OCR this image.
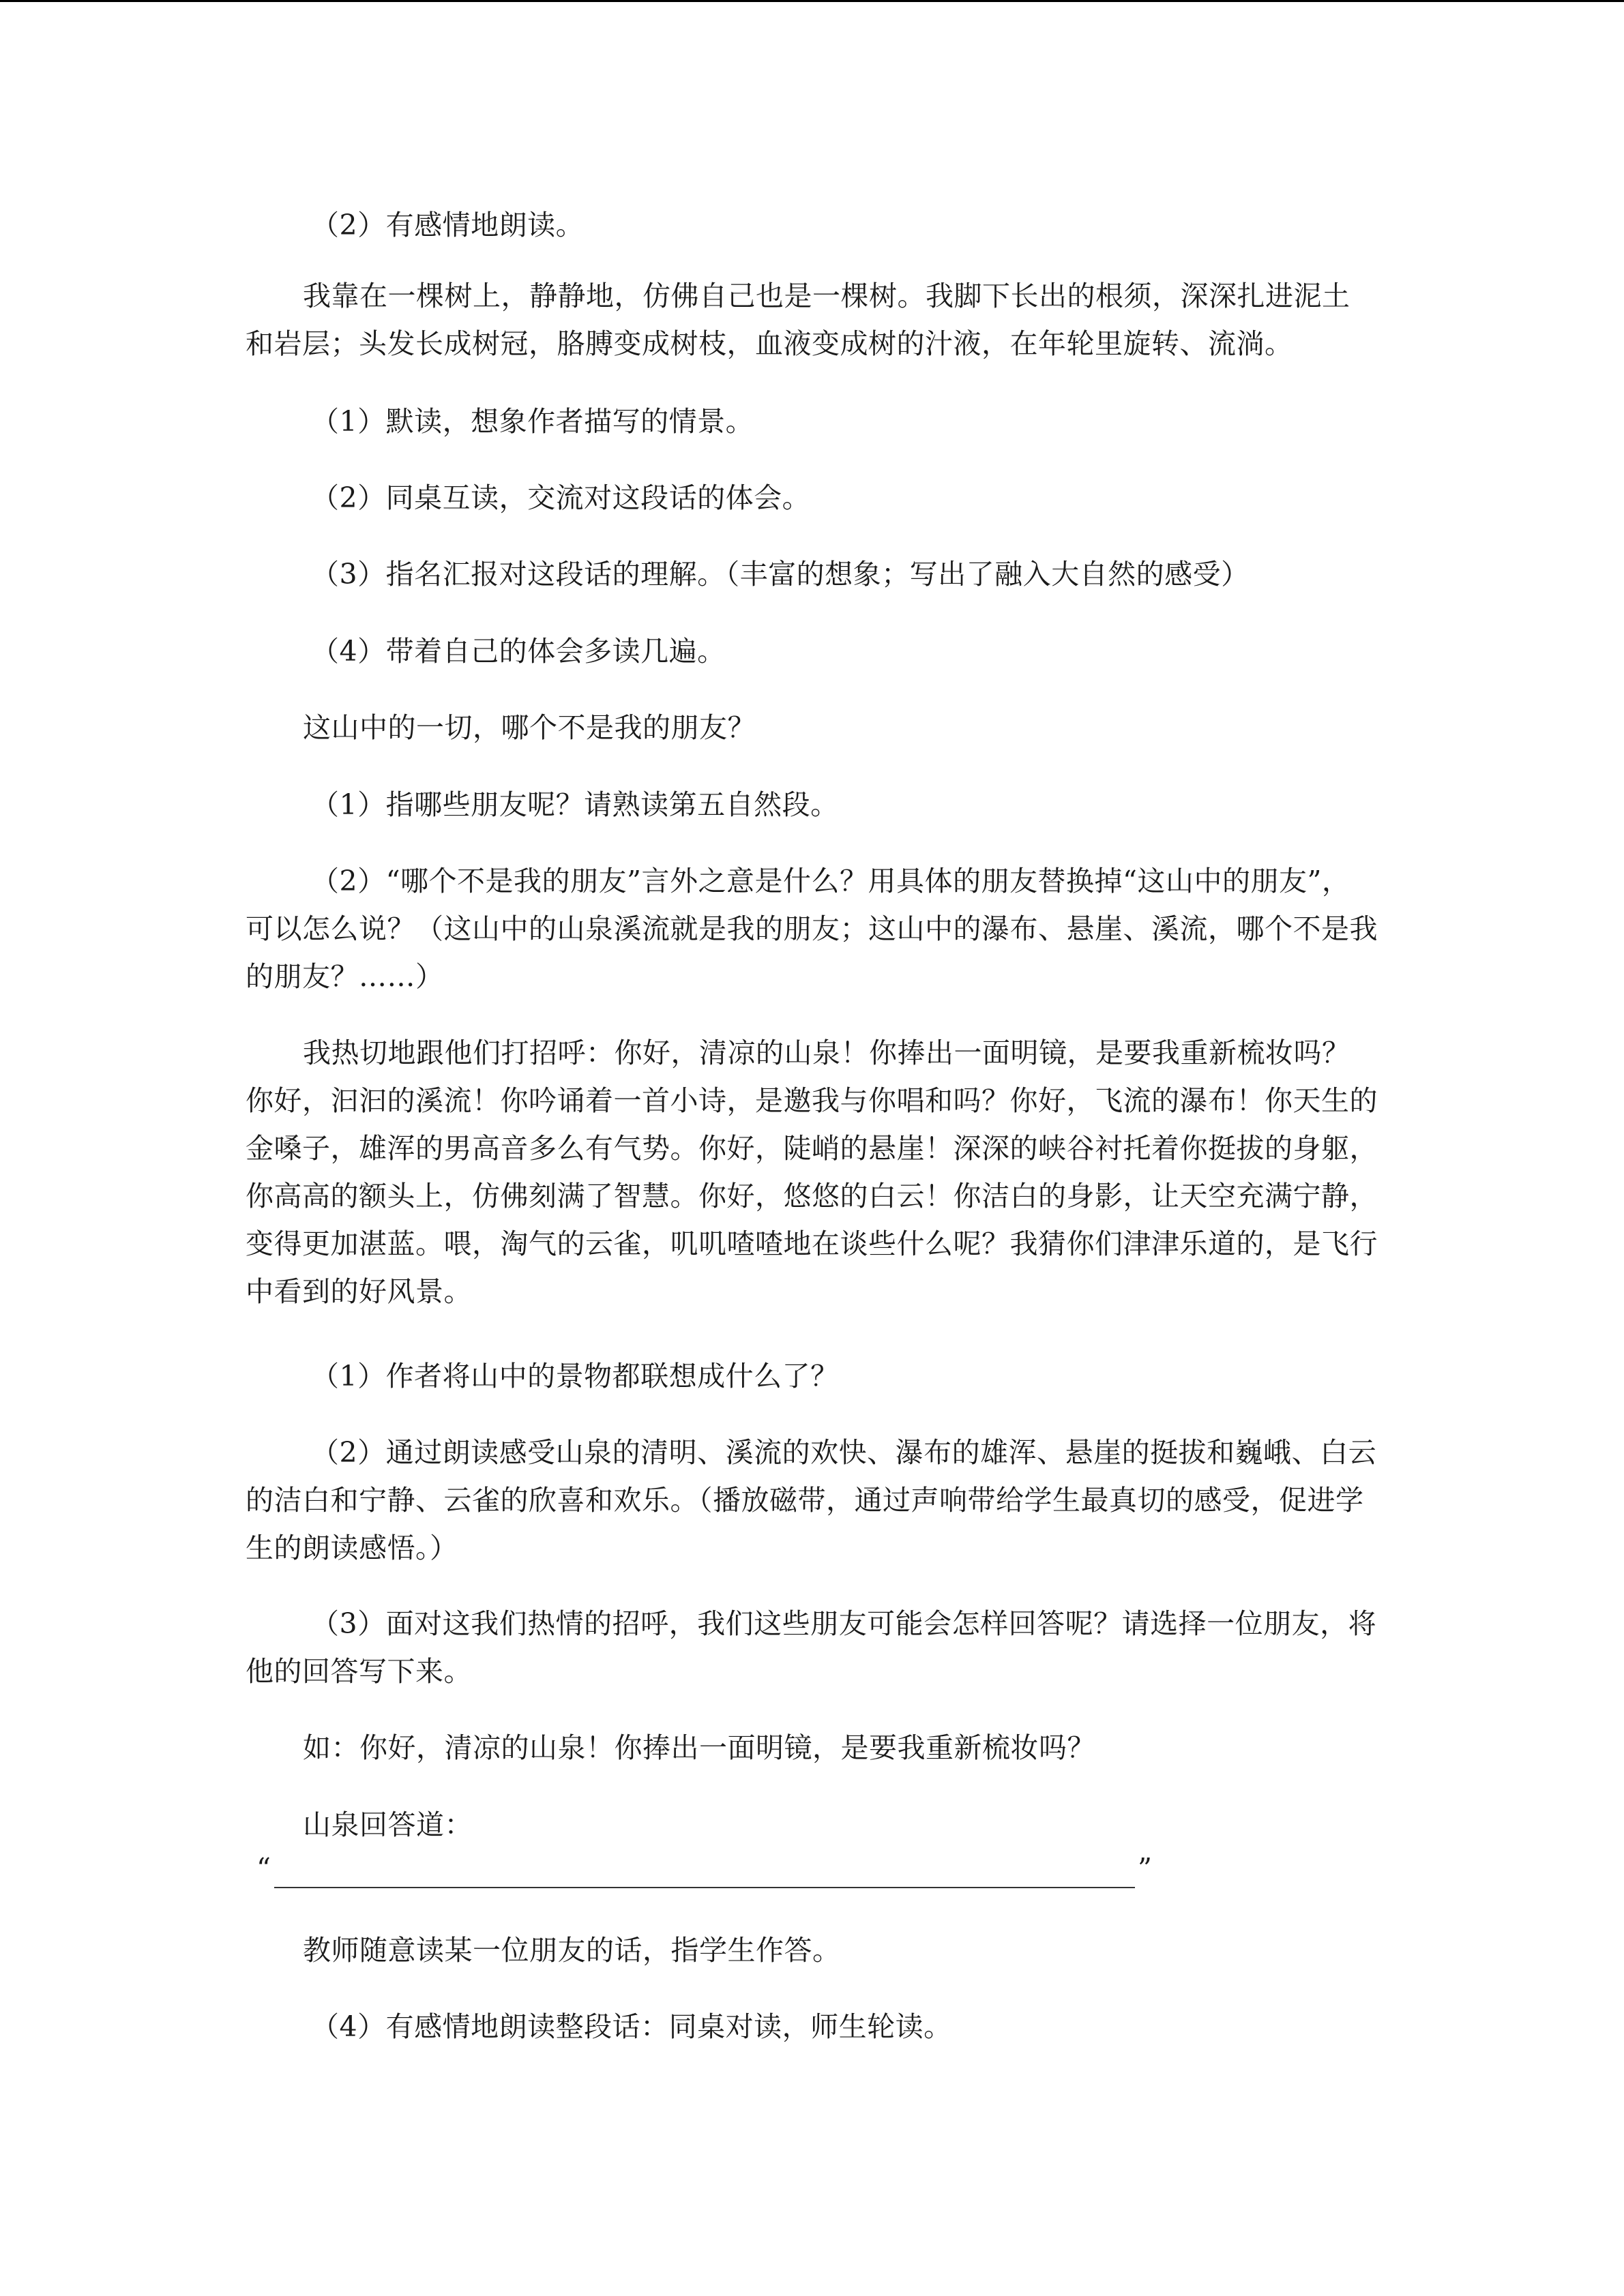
（2）有感情地朗读。
我靠在一棵树上，静静地，仿佛自己也是一棵树。我脚下长出的根须，深深扎进泥土和岩层；头发长成树冠，胳膊变成树枝，血液变成树的汁液，在年轮里旋转、流淌。
（1）默读，想象作者描写的情景。
（2）同桌互读，交流对这段话的体会。
（3）指名汇报对这段话的理解。（丰富的想象；写出了融入大自然的感受）
（4）带着自己的体会多读几遍。
这山中的一切，哪个不是我的朋友？
（1）指哪些朋友呢？请熟读第五自然段。
（2）“哪个不是我的朋友”言外之意是什么？用具体的朋友替换掉“这山中的朋友”，可以怎么说？（这山中的山泉溪流就是我的朋友；这山中的瀑布、悬崖、溪流，哪个不是我的朋友？……）
我热切地跟他们打招呼：你好，清凉的山泉！你捧出一面明镜，是要我重新梳妆吗？你好，汩汩的溪流！你吟诵着一首小诗，是邀我与你唱和吗？你好，飞流的瀑布！你天生的金嗓子，雄浑的男高音多么有气势。你好，陡峭的悬崖！深深的峡谷衬托着你挺拔的身躯，你高高的额头上，仿佛刻满了智慧。你好，悠悠的白云！你洁白的身影，让天空充满宁静，变得更加湛蓝。喂，淘气的云雀，叽叽喳喳地在谈些什么呢？我猜你们津津乐道的，是飞行中看到的好风景。
（1）作者将山中的景物都联想成什么了？
（2）通过朗读感受山泉的清明、溪流的欢快、瀑布的雄浑、悬崖的挺拔和巍峨、白云的洁白和宁静、云雀的欣喜和欢乐。（播放磁带，通过声响带给学生最真切的感受，促进学生的朗读感悟。）
（3）面对这我们热情的招呼，我们这些朋友可能会怎样回答呢？请选择一位朋友，将他的回答写下来。
如：你好，清凉的山泉！你捧出一面明镜，是要我重新梳妆吗？
山泉回答道：
“	”
教师随意读某一位朋友的话，指学生作答。
（4）有感情地朗读整段话：同桌对读，师生轮读。
